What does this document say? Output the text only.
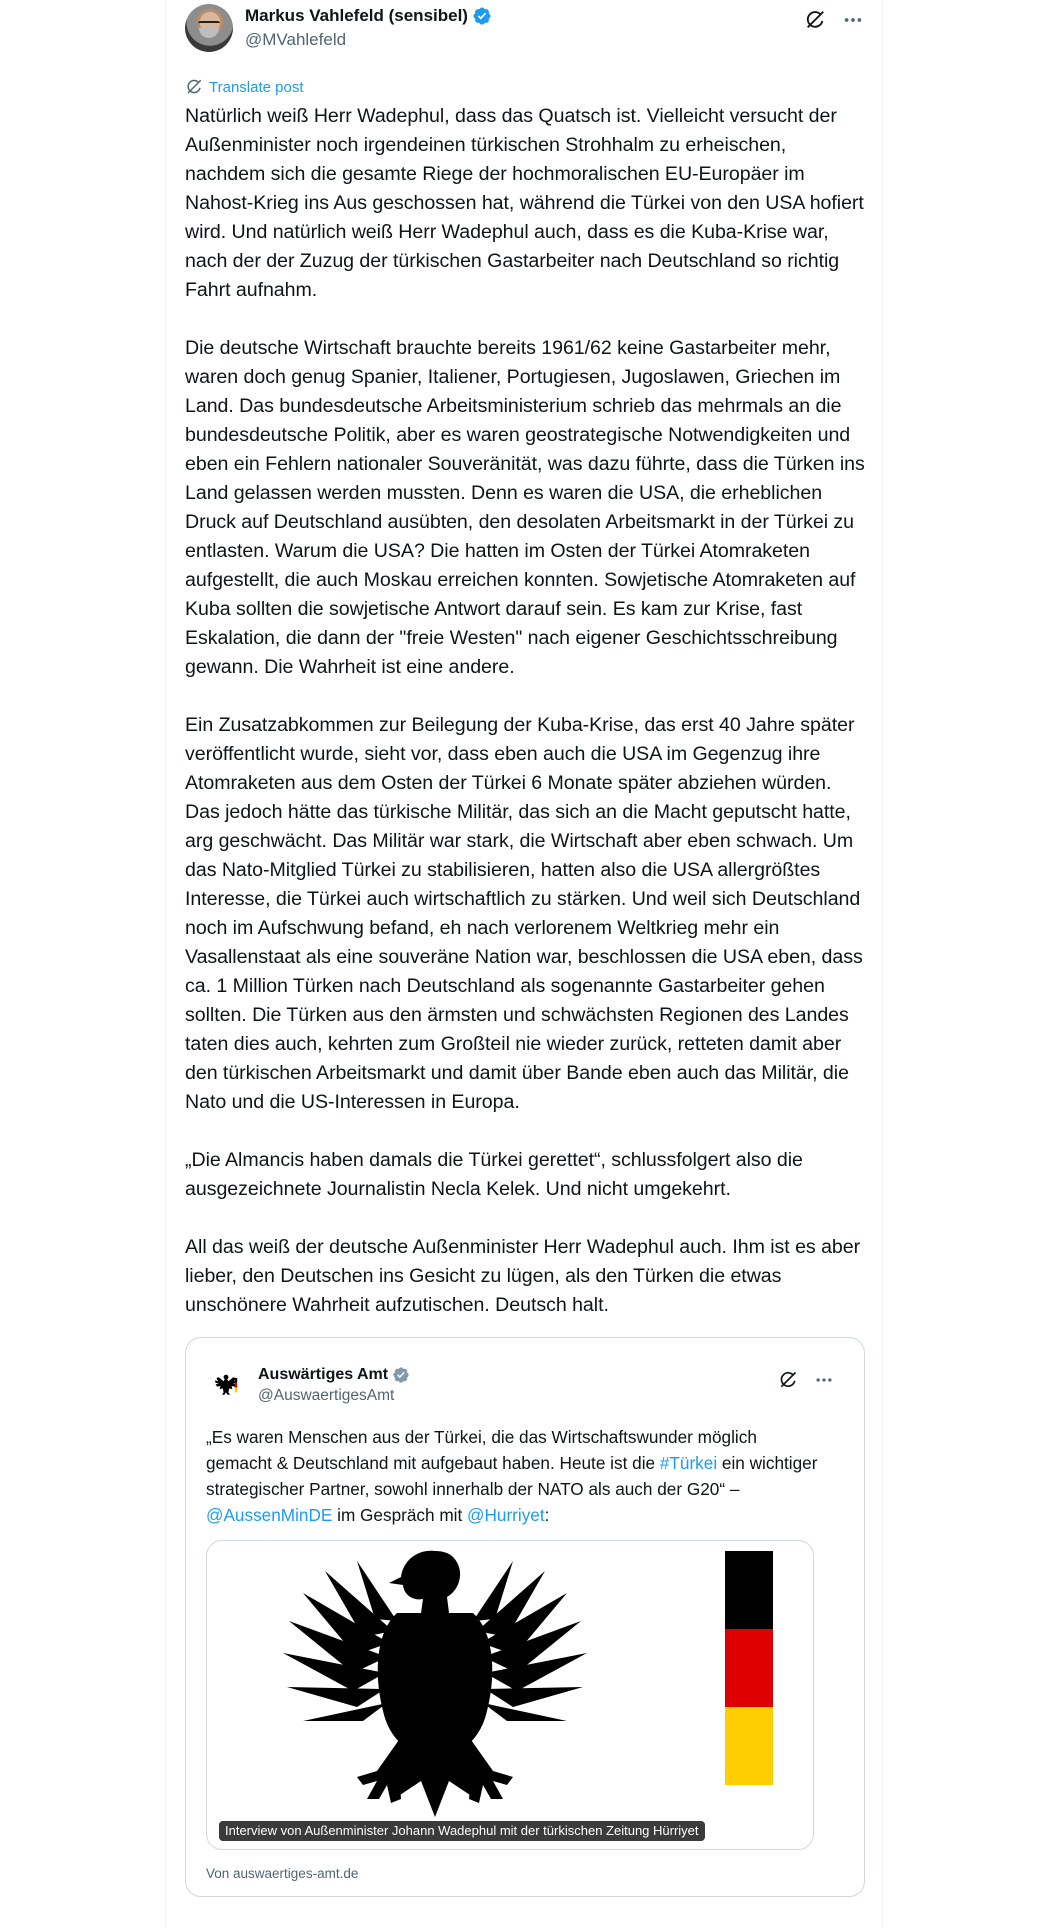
Markus Vahlefeld (sensibel)
@MVahlefeld
Translate post
Natürlich weiß Herr Wadephul, dass das Quatsch ist. Vielleicht versucht der Außenminister noch irgendeinen türkischen Strohhalm zu erheischen, nachdem sich die gesamte Riege der hochmoralischen EU-Europäer im Nahost-Krieg ins Aus geschossen hat, während die Türkei von den USA hofiert wird. Und natürlich weiß Herr Wadephul auch, dass es die Kuba-Krise war, nach der der Zuzug der türkischen Gastarbeiter nach Deutschland so richtig Fahrt aufnahm.

Die deutsche Wirtschaft brauchte bereits 1961/62 keine Gastarbeiter mehr, waren doch genug Spanier, Italiener, Portugiesen, Jugoslawen, Griechen im Land. Das bundesdeutsche Arbeitsministerium schrieb das mehrmals an die bundesdeutsche Politik, aber es waren geostrategische Notwendigkeiten und eben ein Fehlern nationaler Souveränität, was dazu führte, dass die Türken ins Land gelassen werden mussten. Denn es waren die USA, die erheblichen Druck auf Deutschland ausübten, den desolaten Arbeitsmarkt in der Türkei zu entlasten. Warum die USA? Die hatten im Osten der Türkei Atomraketen aufgestellt, die auch Moskau erreichen konnten. Sowjetische Atomraketen auf Kuba sollten die sowjetische Antwort darauf sein. Es kam zur Krise, fast Eskalation, die dann der "freie Westen" nach eigener Geschichtsschreibung gewann. Die Wahrheit ist eine andere.

Ein Zusatzabkommen zur Beilegung der Kuba-Krise, das erst 40 Jahre später veröffentlicht wurde, sieht vor, dass eben auch die USA im Gegenzug ihre Atomraketen aus dem Osten der Türkei 6 Monate später abziehen würden. Das jedoch hätte das türkische Militär, das sich an die Macht geputscht hatte, arg geschwächt. Das Militär war stark, die Wirtschaft aber eben schwach. Um das Nato-Mitglied Türkei zu stabilisieren, hatten also die USA allergrößtes Interesse, die Türkei auch wirtschaftlich zu stärken. Und weil sich Deutschland noch im Aufschwung befand, eh nach verlorenem Weltkrieg mehr ein Vasallenstaat als eine souveräne Nation war, beschlossen die USA eben, dass ca. 1 Million Türken nach Deutschland als sogenannte Gastarbeiter gehen sollten. Die Türken aus den ärmsten und schwächsten Regionen des Landes taten dies auch, kehrten zum Großteil nie wieder zurück, retteten damit aber den türkischen Arbeitsmarkt und damit über Bande eben auch das Militär, die Nato und die US-Interessen in Europa.

„Die Almancis haben damals die Türkei gerettet“, schlussfolgert also die ausgezeichnete Journalistin Necla Kelek. Und nicht umgekehrt.

All das weiß der deutsche Außenminister Herr Wadephul auch. Ihm ist es aber lieber, den Deutschen ins Gesicht zu lügen, als den Türken die etwas unschönere Wahrheit aufzutischen. Deutsch halt.
Auswärtiges Amt
@AuswaertigesAmt
„Es waren Menschen aus der Türkei, die das Wirtschaftswunder möglich gemacht & Deutschland mit aufgebaut haben. Heute ist die #Türkei ein wichtiger strategischer Partner, sowohl innerhalb der NATO als auch der G20“ – @AussenMinDE im Gespräch mit @Hurriyet:
Interview von Außenminister Johann Wadephul mit der türkischen Zeitung Hürriyet
Von auswaertiges-amt.de
